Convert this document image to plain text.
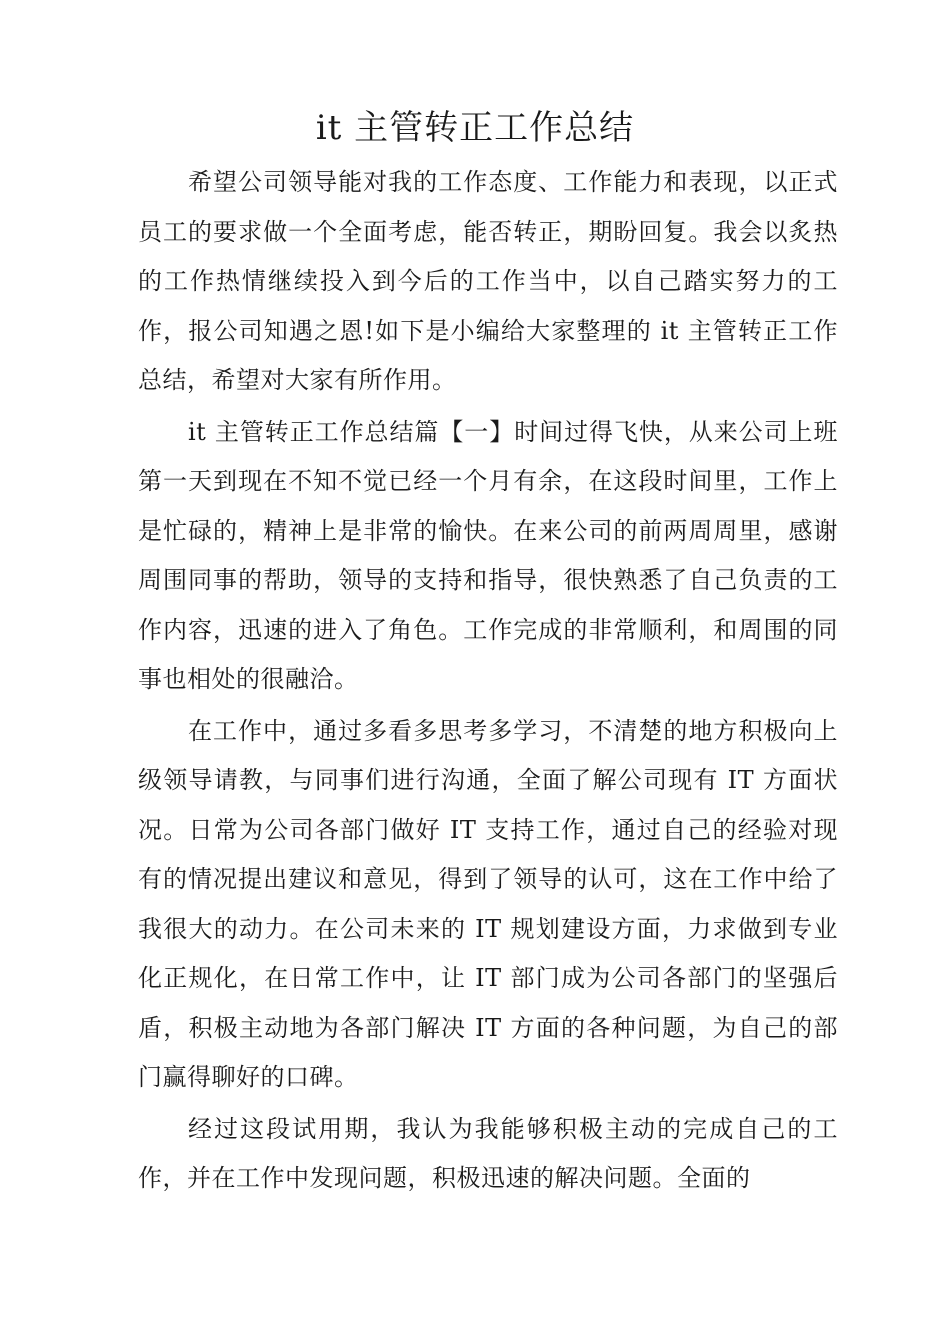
it 主管转正工作总结

希望公司领导能对我的工作态度、工作能力和表现，以正式员工的要求做一个全面考虑，能否转正，期盼回复。我会以炙热的工作热情继续投入到今后的工作当中，以自己踏实努力的工作，报公司知遇之恩!如下是小编给大家整理的 it 主管转正工作总结，希望对大家有所作用。

it 主管转正工作总结篇【一】时间过得飞快，从来公司上班第一天到现在不知不觉已经一个月有余，在这段时间里，工作上是忙碌的，精神上是非常的愉快。在来公司的前两周周里，感谢周围同事的帮助，领导的支持和指导，很快熟悉了自己负责的工作内容，迅速的进入了角色。工作完成的非常顺利，和周围的同事也相处的很融洽。

在工作中，通过多看多思考多学习，不清楚的地方积极向上级领导请教，与同事们进行沟通，全面了解公司现有 IT 方面状况。日常为公司各部门做好 IT 支持工作，通过自己的经验对现有的情况提出建议和意见，得到了领导的认可，这在工作中给了我很大的动力。在公司未来的 IT 规划建设方面，力求做到专业化正规化，在日常工作中，让 IT 部门成为公司各部门的坚强后盾，积极主动地为各部门解决 IT 方面的各种问题，为自己的部门赢得聊好的口碑。

经过这段试用期，我认为我能够积极主动的完成自己的工作，并在工作中发现问题，积极迅速的解决问题。全面的
